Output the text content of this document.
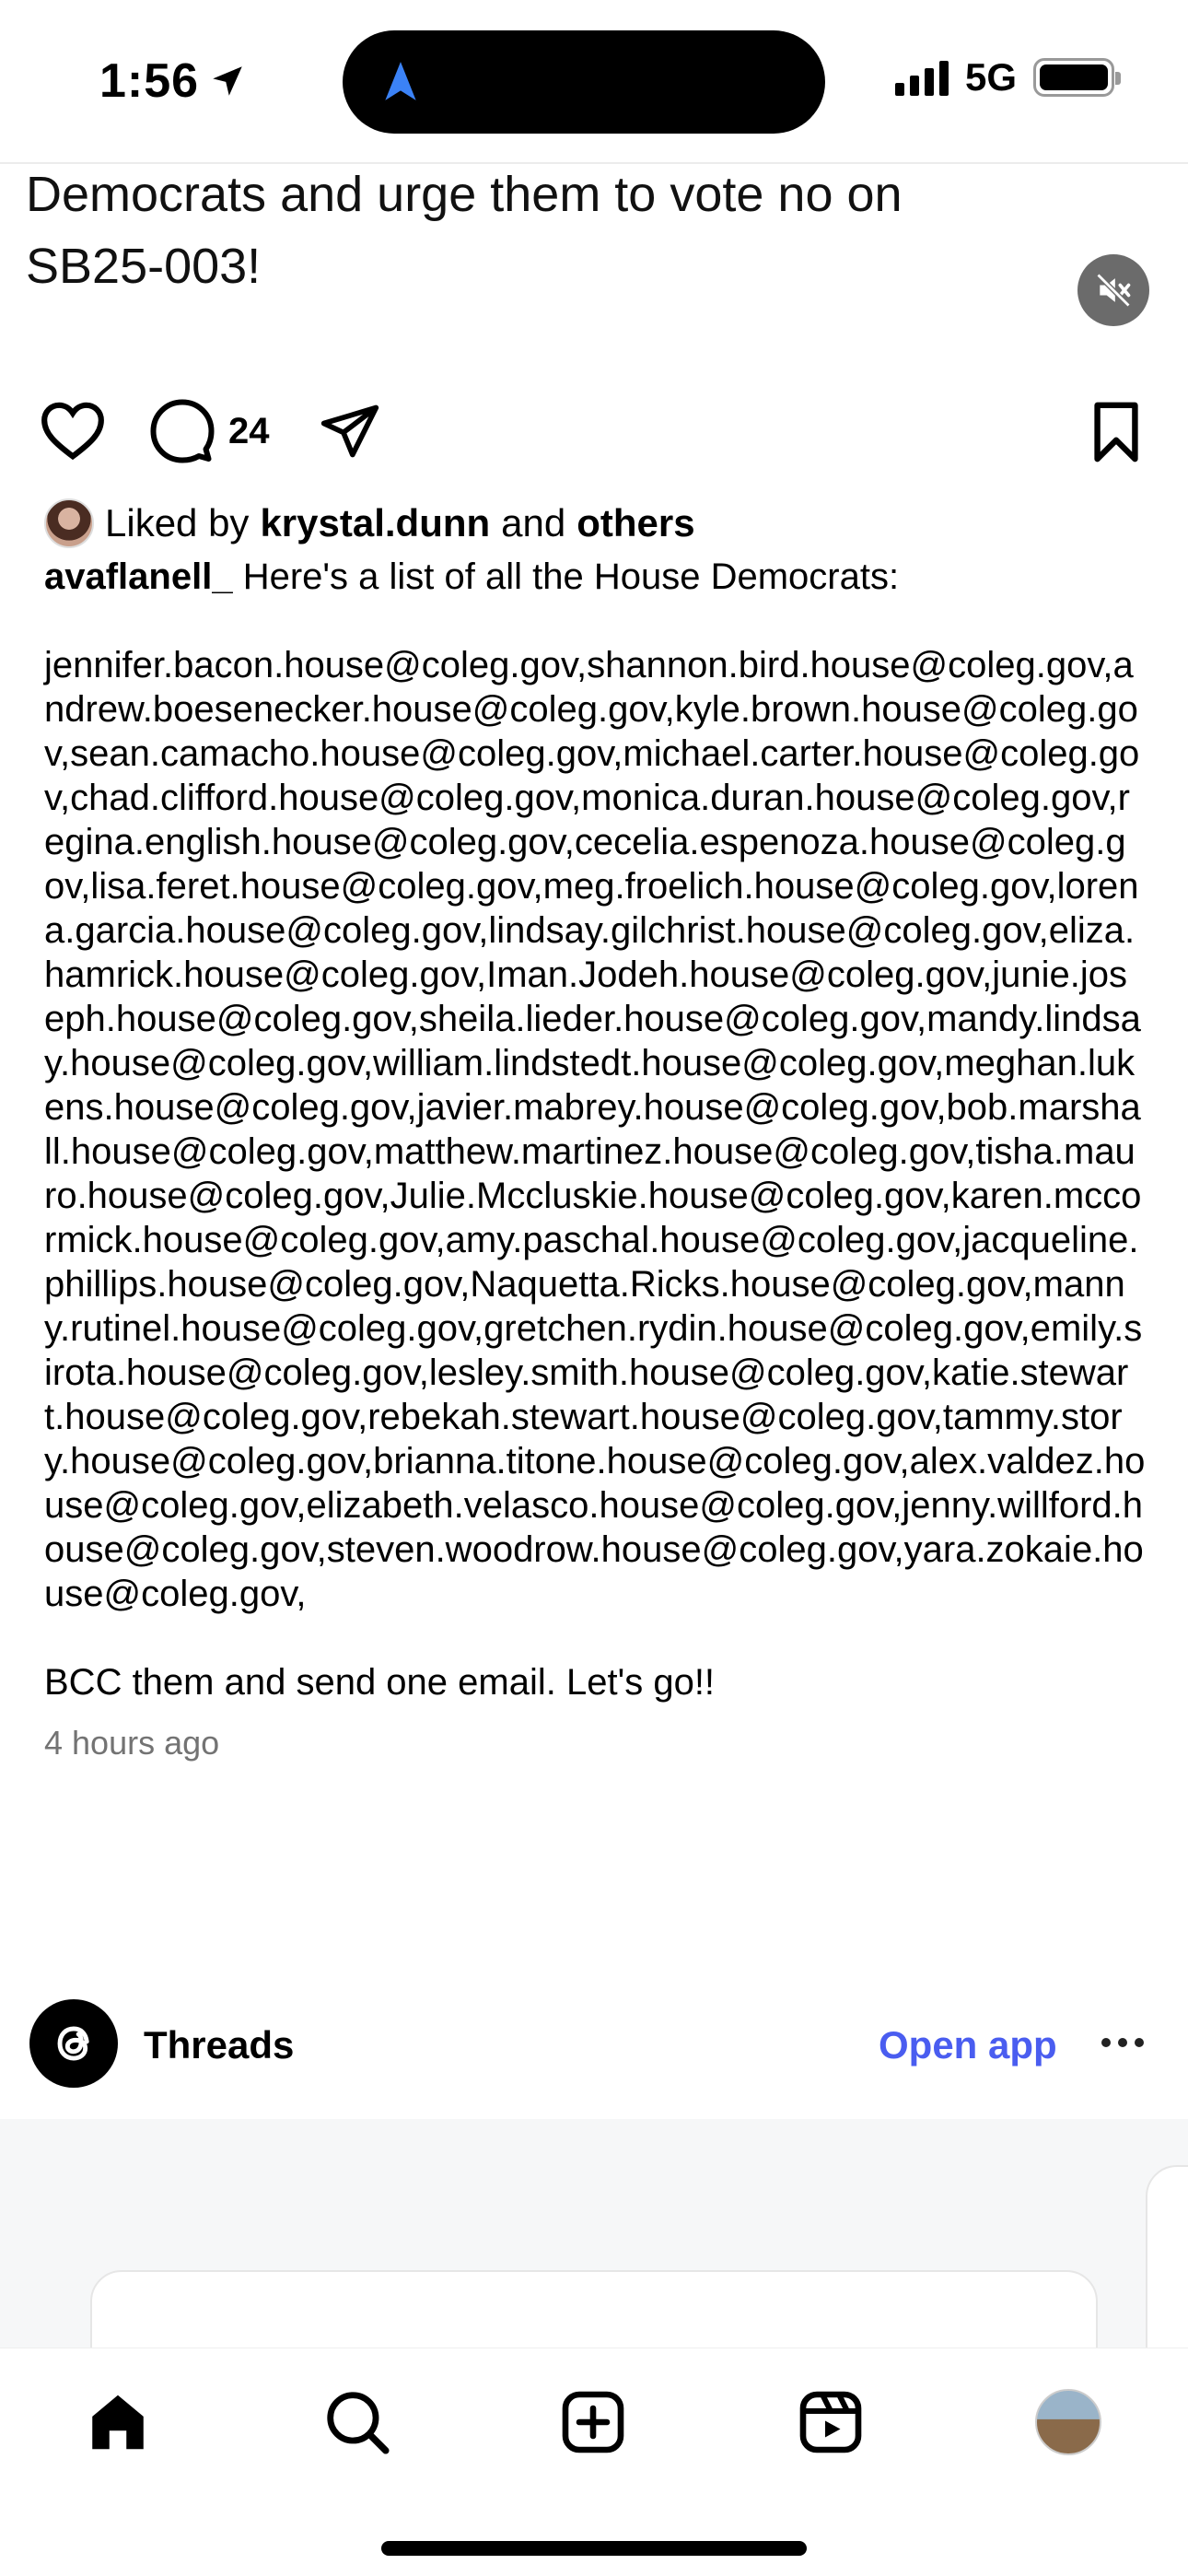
1:56	5G
Democrats and urge them to vote no on SB25-003!
24
Liked by krystal.dunn and others
avaflanell_ Here's a list of all the House Democrats:
jennifer.bacon.house@coleg.gov,shannon.bird.house@coleg.gov,andrew.boesenecker.house@coleg.gov,kyle.brown.house@coleg.gov,sean.camacho.house@coleg.gov,michael.carter.house@coleg.gov,chad.clifford.house@coleg.gov,monica.duran.house@coleg.gov,regina.english.house@coleg.gov,cecelia.espenoza.house@coleg.gov,lisa.feret.house@coleg.gov,meg.froelich.house@coleg.gov,lorena.garcia.house@coleg.gov,lindsay.gilchrist.house@coleg.gov,eliza.hamrick.house@coleg.gov,Iman.Jodeh.house@coleg.gov,junie.joseph.house@coleg.gov,sheila.lieder.house@coleg.gov,mandy.lindsay.house@coleg.gov,william.lindstedt.house@coleg.gov,meghan.lukens.house@coleg.gov,javier.mabrey.house@coleg.gov,bob.marshall.house@coleg.gov,matthew.martinez.house@coleg.gov,tisha.mauro.house@coleg.gov,Julie.Mccluskie.house@coleg.gov,karen.mccormick.house@coleg.gov,amy.paschal.house@coleg.gov,jacqueline.phillips.house@coleg.gov,Naquetta.Ricks.house@coleg.gov,manny.rutinel.house@coleg.gov,gretchen.rydin.house@coleg.gov,emily.sirota.house@coleg.gov,lesley.smith.house@coleg.gov,katie.stewart.house@coleg.gov,rebekah.stewart.house@coleg.gov,tammy.story.house@coleg.gov,brianna.titone.house@coleg.gov,alex.valdez.house@coleg.gov,elizabeth.velasco.house@coleg.gov,jenny.willford.house@coleg.gov,steven.woodrow.house@coleg.gov,yara.zokaie.house@coleg.gov,
BCC them and send one email. Let's go!!
4 hours ago
Threads	Open app
